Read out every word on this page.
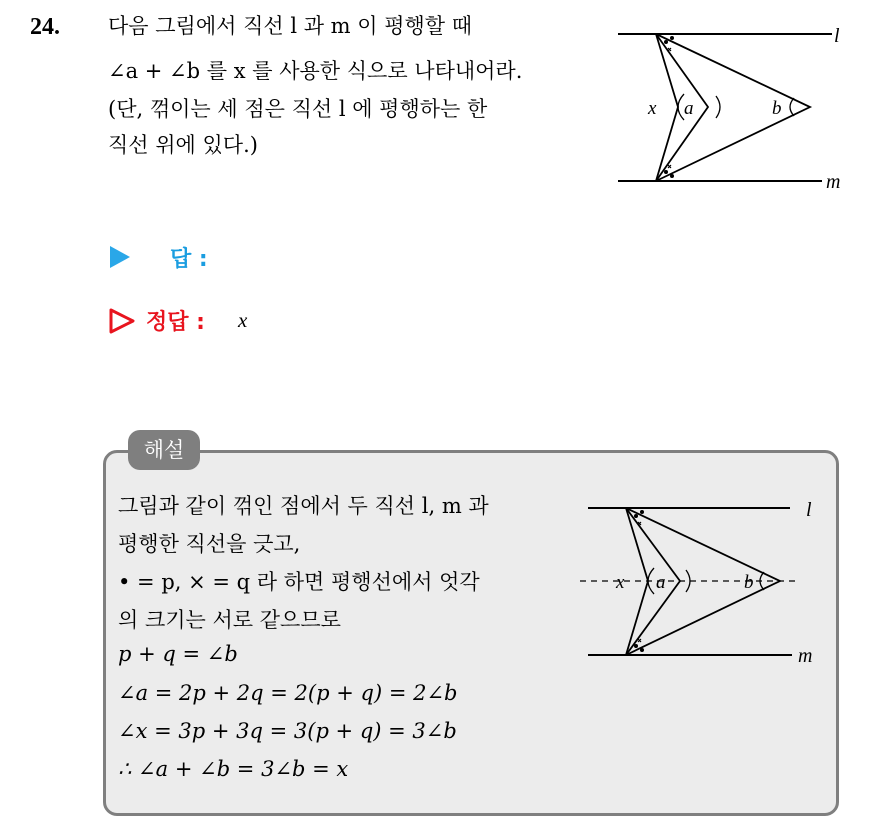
24. 다음 그림에서 직선 l 과 m 이 평행할 때
∠a + ∠b 를 x 를 사용한 식으로 나타내어라.
(단, 꺾이는 세 점은 직선 l 에 평행하는 한
직선 위에 있다.)
l
m
x a	b
답 :
정답 : x
해설
그림과 같이 꺾인 점에서 두 직선 l, m 과
평행한 직선을 긋고,
• = p, × = q 라 하면 평행선에서 엇각
의 크기는 서로 같으므로
p + q = ∠b
∠a = 2p + 2q = 2(p + q) = 2∠b
∠x = 3p + 3q = 3(p + q) = 3∠b
∴ ∠a + ∠b = 3∠b = x
l
m
x a	b
